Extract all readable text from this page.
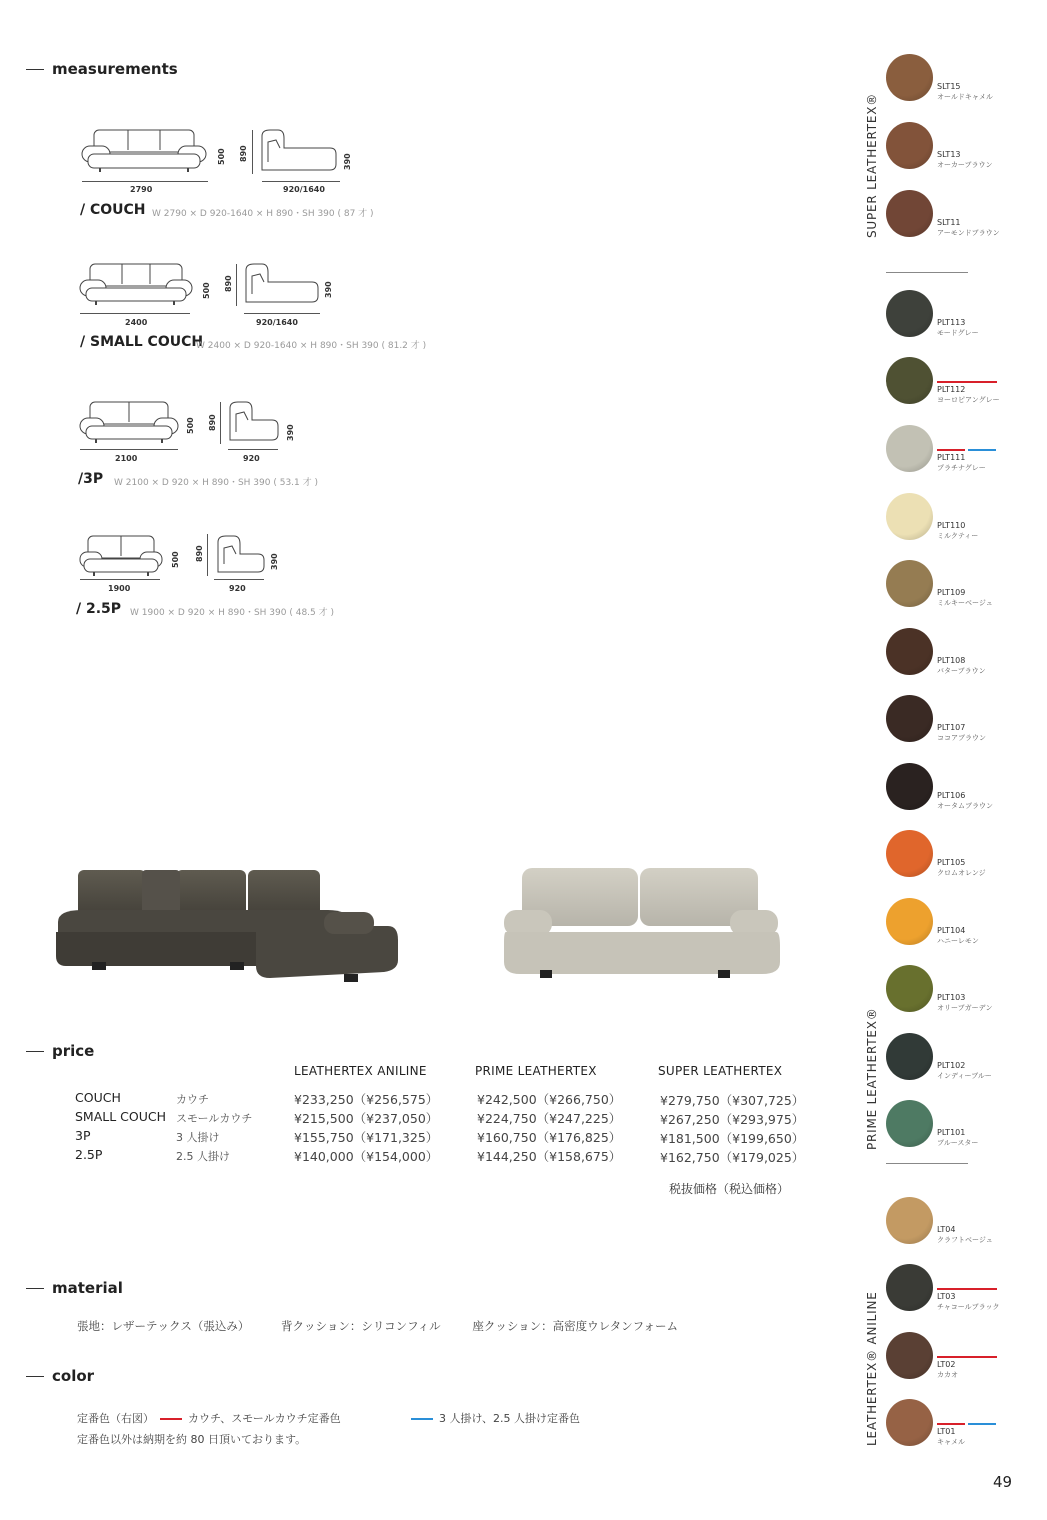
measurements
2790	920/1640
500 890	390
/ COUCH W 2790 × D 920-1640 × H 890・SH 390 ( 87 才 )
2400	920/1640
500 890	390
/ SMALL COUCH
W 2400 × D 920-1640 × H 890・SH 390 ( 81.2 才 )
2100	920
500 890
390
/3P W 2100 × D 920 × H 890・SH 390 ( 53.1 才 )
1900	920
500 890	390
/ 2.5P W 1900 × D 920 × H 890・SH 390 ( 48.5 才 )
price
LEATHERTEX ANILINE	PRIME LEATHERTEX	SUPER LEATHERTEX
COUCH	カウチ	¥233,250（¥256,575）	¥242,500（¥266,750）	¥279,750（¥307,725）
SMALL COUCH スモールカウチ	¥215,500（¥237,050）	¥224,750（¥247,225）	¥267,250（¥293,975）
3P	3 人掛け	¥155,750（¥171,325）	¥160,750（¥176,825）	¥181,500（¥199,650）
2.5P	2.5 人掛け	¥140,000（¥154,000）	¥144,250（¥158,675）	¥162,750（¥179,025）
税抜価格（税込価格）
material
張地：レザーテックス（張込み）	背クッション：シリコンフィル	座クッション：高密度ウレタンフォーム
color
定番色（右図）	カウチ、スモールカウチ定番色	3 人掛け、2.5 人掛け定番色
定番色以外は納期を約 80 日頂いております。
SLT15
オールドキャメル
SLT13
オーカーブラウン
SLT11
アーモンドブラウン
PLT113
モードグレー
PLT112
ヨーロピアングレー
PLT111
プラチナグレー
PLT110
ミルクティー
PLT109
ミルキーベージュ
PLT108
バターブラウン
PLT107
ココアブラウン
PLT106
オータムブラウン
PLT105
クロムオレンジ
PLT104
ハニーレモン
PLT103
オリーブガーデン
PLT102
インディーブルー
PLT101
ブルースター
LT04
クラフトベージュ
LT03
チャコールブラック
LT02
カカオ
LT01
キャメル
SUPER LEATHERTEX®
PRIME LEATHERTEX®
LEATHERTEX® ANILINE
49
